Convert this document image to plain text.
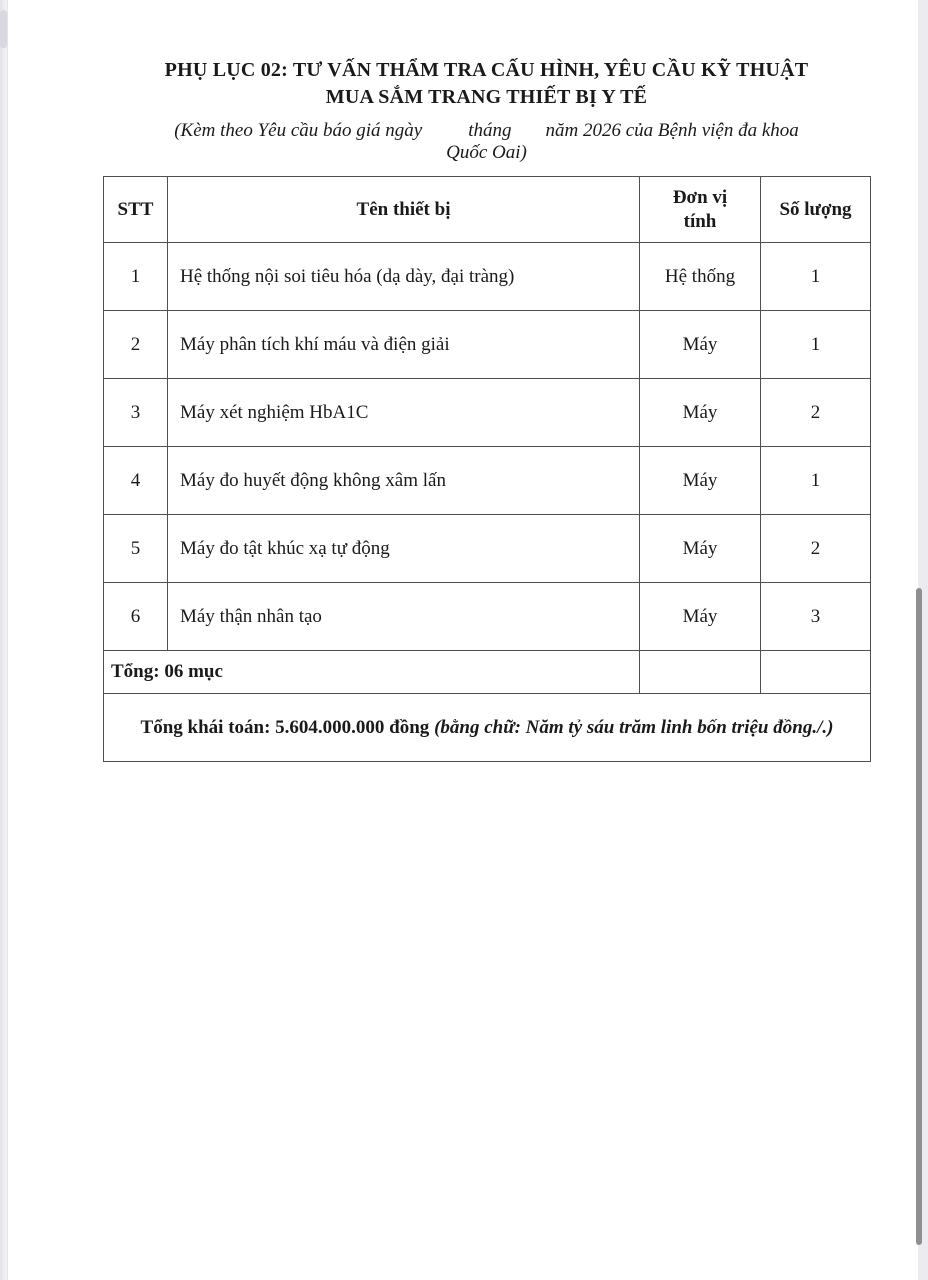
PHỤ LỤC 02: TƯ VẤN THẨM TRA CẤU HÌNH, YÊU CẦU KỸ THUẬT
MUA SẮM TRANG THIẾT BỊ Y TẾ
(Kèm theo Yêu cầu báo giá ngày tháng năm 2026 của Bệnh viện đa khoa
Quốc Oai)
STT	Tên thiết bị	Đơn vị tính	Số lượng
1	Hệ thống nội soi tiêu hóa (dạ dày, đại tràng)	Hệ thống	1
2	Máy phân tích khí máu và điện giải	Máy	1
3	Máy xét nghiệm HbA1C	Máy	2
4	Máy đo huyết động không xâm lấn	Máy	1
5	Máy đo tật khúc xạ tự động	Máy	2
6	Máy thận nhân tạo	Máy	3
Tổng: 06 mục			
Tổng khái toán: 5.604.000.000 đồng (bằng chữ: Năm tỷ sáu trăm linh bốn triệu đồng./.)			
